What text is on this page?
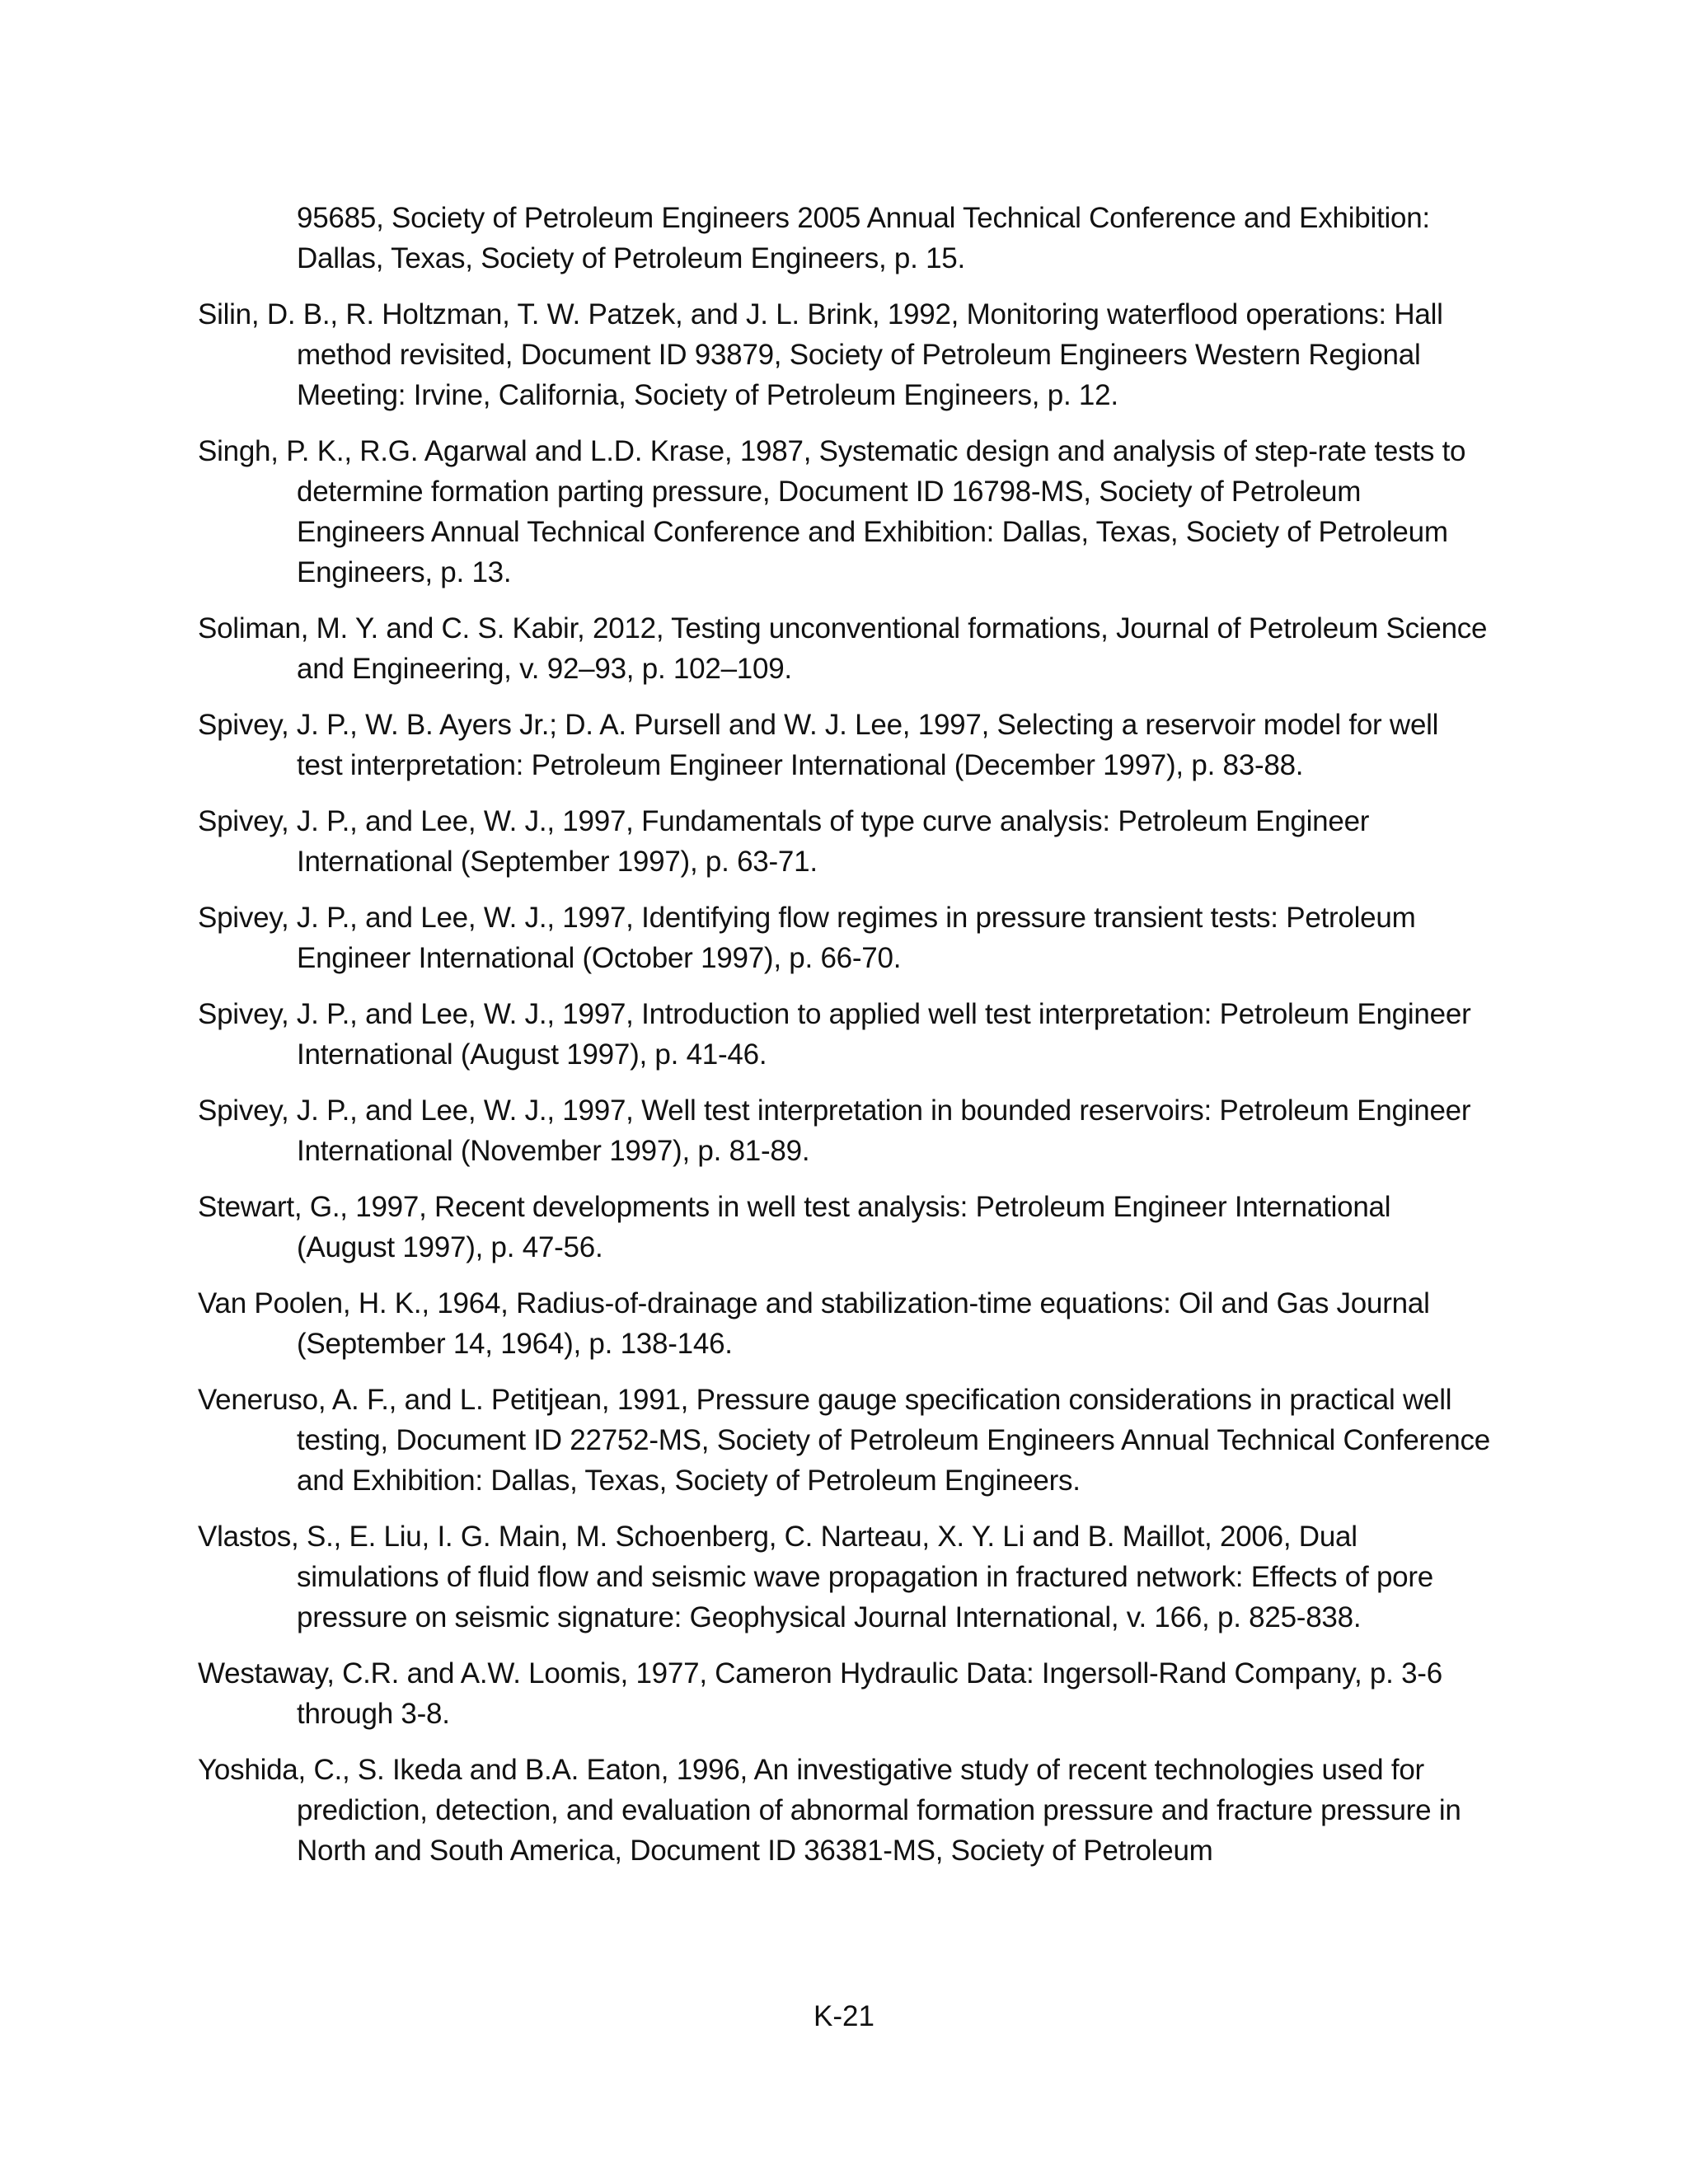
95685, Society of Petroleum Engineers 2005 Annual Technical Conference and Exhibition: Dallas, Texas, Society of Petroleum Engineers, p. 15.

Silin, D. B., R. Holtzman, T. W. Patzek, and J. L. Brink, 1992, Monitoring waterflood operations: Hall method revisited, Document ID 93879, Society of Petroleum Engineers Western Regional Meeting: Irvine, California, Society of Petroleum Engineers, p. 12.

Singh, P. K., R.G. Agarwal and L.D. Krase, 1987, Systematic design and analysis of step-rate tests to determine formation parting pressure, Document ID 16798-MS, Society of Petroleum Engineers Annual Technical Conference and Exhibition: Dallas, Texas, Society of Petroleum Engineers, p. 13.

Soliman, M. Y. and C. S. Kabir, 2012, Testing unconventional formations, Journal of Petroleum Science and Engineering, v. 92–93, p. 102–109.

Spivey, J. P., W. B. Ayers Jr.; D. A. Pursell and W. J. Lee, 1997, Selecting a reservoir model for well test interpretation: Petroleum Engineer International (December 1997), p. 83-88.

Spivey, J. P., and Lee, W. J., 1997, Fundamentals of type curve analysis: Petroleum Engineer International (September 1997), p. 63-71.

Spivey, J. P., and Lee, W. J., 1997, Identifying flow regimes in pressure transient tests: Petroleum Engineer International (October 1997), p. 66-70.

Spivey, J. P., and Lee, W. J., 1997, Introduction to applied well test interpretation: Petroleum Engineer International (August 1997), p. 41-46.

Spivey, J. P., and Lee, W. J., 1997, Well test interpretation in bounded reservoirs: Petroleum Engineer International (November 1997), p. 81-89.

Stewart, G., 1997, Recent developments in well test analysis: Petroleum Engineer International (August 1997), p. 47-56.

Van Poolen, H. K., 1964, Radius-of-drainage and stabilization-time equations: Oil and Gas Journal (September 14, 1964), p. 138-146.

Veneruso, A. F., and L. Petitjean, 1991, Pressure gauge specification considerations in practical well testing, Document ID 22752-MS, Society of Petroleum Engineers Annual Technical Conference and Exhibition: Dallas, Texas, Society of Petroleum Engineers.

Vlastos, S., E. Liu, I. G. Main, M. Schoenberg, C. Narteau, X. Y. Li and B. Maillot, 2006, Dual simulations of fluid flow and seismic wave propagation in fractured network: Effects of pore pressure on seismic signature: Geophysical Journal International, v. 166, p. 825-838.

Westaway, C.R. and A.W. Loomis, 1977, Cameron Hydraulic Data: Ingersoll-Rand Company, p. 3-6 through 3-8.

Yoshida, C., S. Ikeda and B.A. Eaton, 1996, An investigative study of recent technologies used for prediction, detection, and evaluation of abnormal formation pressure and fracture pressure in North and South America, Document ID 36381-MS, Society of Petroleum

K-21
